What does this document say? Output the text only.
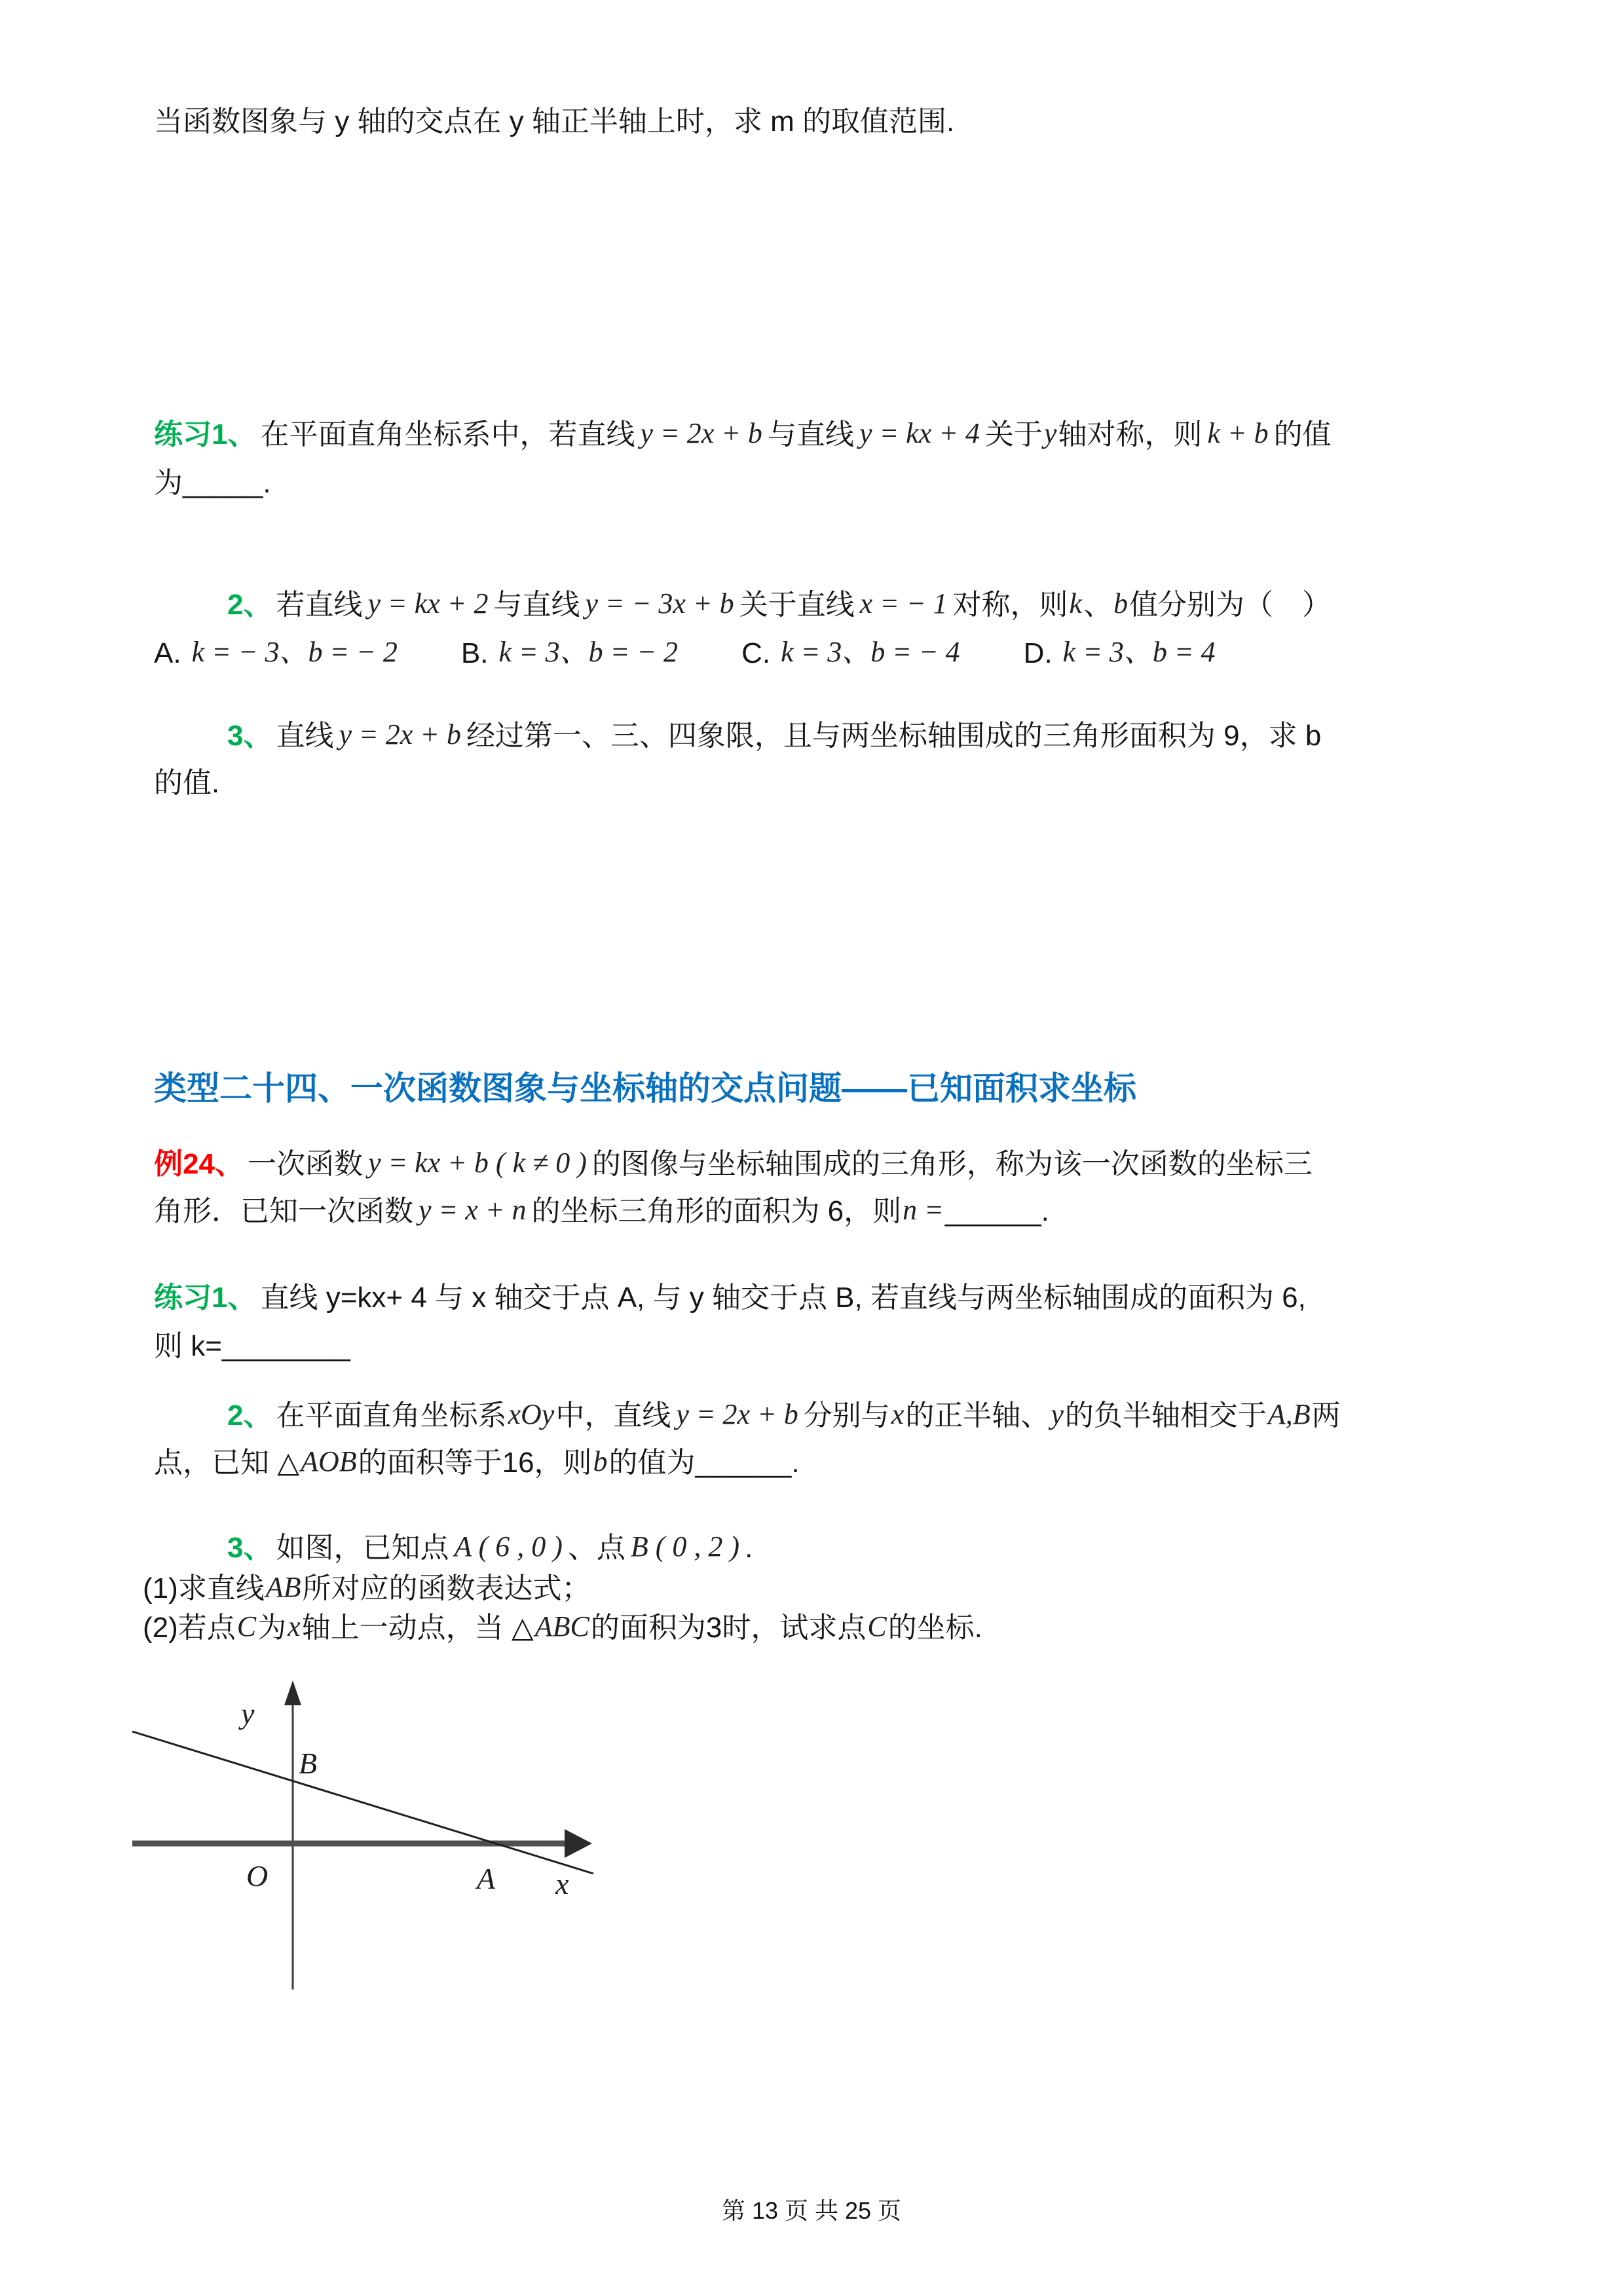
当函数图象与 y 轴的交点在 y 轴正半轴上时，求 m 的取值范围.
练习1、 在平面直角坐标系中，若直线 y = 2x + b 与直线 y = kx + 4 关于y轴对称，则 k + b 的值
为_____.
2、 若直线 y = kx + 2 与直线 y = − 3x + b 关于直线 x = − 1 对称，则k、b值分别为（　）
A. k = − 3、b = − 2 B. k = 3、b = − 2 C. k = 3、b = − 4 D. k = 3、b = 4
3、 直线 y = 2x + b 经过第一、三、四象限，且与两坐标轴围成的三角形面积为 9，求 b
的值.
类型二十四、一次函数图象与坐标轴的交点问题——已知面积求坐标
例24、 一次函数 y = kx + b ( k ≠ 0 ) 的图像与坐标轴围成的三角形，称为该一次函数的坐标三
角形．已知一次函数 y = x + n 的坐标三角形的面积为 6，则n =______.
练习1、 直线 y=kx+ 4 与 x 轴交于点 A, 与 y 轴交于点 B, 若直线与两坐标轴围成的面积为 6,
则 k=________
2、 在平面直角坐标系xOy中，直线 y = 2x + b 分别与x的正半轴、y的负半轴相交于A,B两
点，已知 △AOB的面积等于16，则b的值为______.
3、 如图，已知点 A ( 6 , 0 ) 、点 B ( 0 , 2 ) .
(1)求直线AB所对应的函数表达式；
(2)若点C为x轴上一动点，当 △ABC的面积为3时，试求点C的坐标.
y
B
O	A x
第 13 页 共 25 页
